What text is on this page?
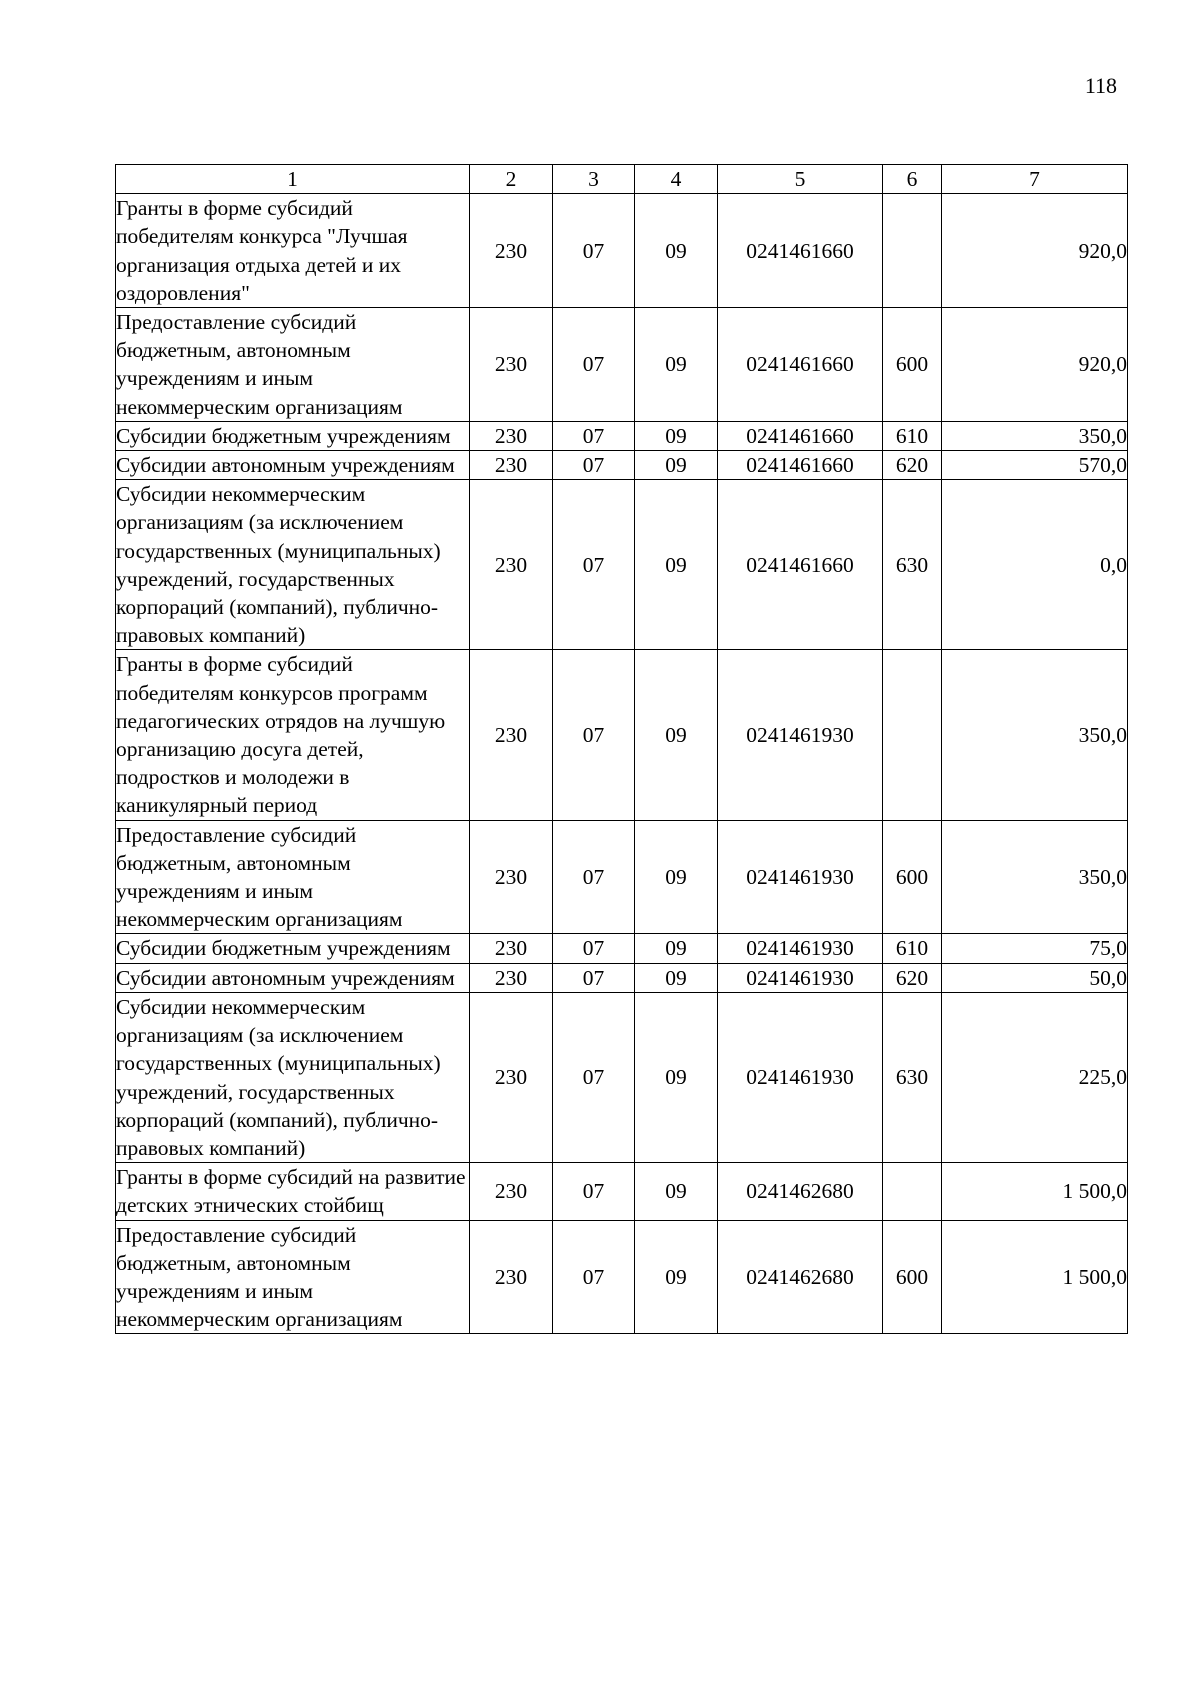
118
1	2	3	4	5	6	7
Гранты в форме субсидий победителям конкурса "Лучшая организация отдыха детей и их оздоровления"	230	07	09	0241461660		920,0
Предоставление субсидий бюджетным, автономным учреждениям и иным некоммерческим организациям	230	07	09	0241461660	600	920,0
Субсидии бюджетным учреждениям	230	07	09	0241461660	610	350,0
Субсидии автономным учреждениям	230	07	09	0241461660	620	570,0
Субсидии некоммерческим организациям (за исключением государственных (муниципальных) учреждений, государственных корпораций (компаний), публично-правовых компаний)	230	07	09	0241461660	630	0,0
Гранты в форме субсидий победителям конкурсов программ педагогических отрядов на лучшую организацию досуга детей, подростков и молодежи в каникулярный период	230	07	09	0241461930		350,0
Предоставление субсидий бюджетным, автономным учреждениям и иным некоммерческим организациям	230	07	09	0241461930	600	350,0
Субсидии бюджетным учреждениям	230	07	09	0241461930	610	75,0
Субсидии автономным учреждениям	230	07	09	0241461930	620	50,0
Субсидии некоммерческим организациям (за исключением государственных (муниципальных) учреждений, государственных корпораций (компаний), публично-правовых компаний)	230	07	09	0241461930	630	225,0
Гранты в форме субсидий на развитие детских этнических стойбищ	230	07	09	0241462680		1 500,0
Предоставление субсидий бюджетным, автономным учреждениям и иным некоммерческим организациям	230	07	09	0241462680	600	1 500,0
